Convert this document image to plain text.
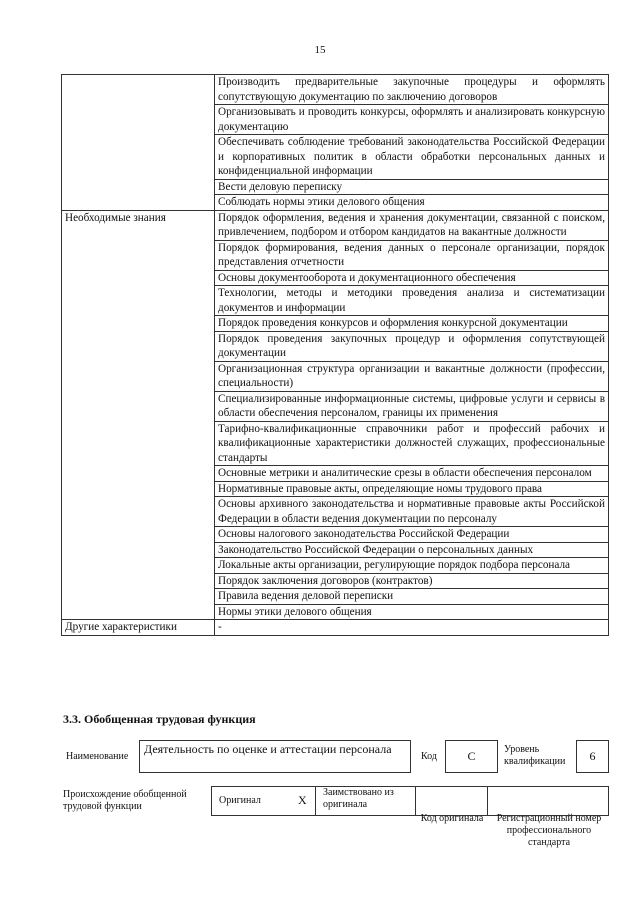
15
	Производить предварительные закупочные процедуры и оформлять сопутствующую документацию по заключению договоров
	Организовывать и проводить конкурсы, оформлять и анализировать конкурсную документацию
	Обеспечивать соблюдение требований законодательства Российской Федерации и корпоративных политик в области обработки персональных данных и конфиденциальной информации
	Вести деловую переписку
	Соблюдать нормы этики делового общения
Необходимые знания	Порядок оформления, ведения и хранения документации, связанной с поиском, привлечением, подбором и отбором кандидатов на вакантные должности
	Порядок формирования, ведения данных о персонале организации, порядок представления отчетности
	Основы документооборота и документационного обеспечения
	Технологии, методы и методики проведения анализа и систематизации документов и информации
	Порядок проведения конкурсов и оформления конкурсной документации
	Порядок проведения закупочных процедур и оформления сопутствующей документации
	Организационная структура организации и вакантные должности (профессии, специальности)
	Специализированные информационные системы, цифровые услуги и сервисы в области обеспечения персоналом, границы их применения
	Тарифно-квалификационные справочники работ и профессий рабочих и квалификационные характеристики должностей служащих, профессиональные стандарты
	Основные метрики и аналитические срезы в области обеспечения персоналом
	Нормативные правовые акты, определяющие номы трудового права
	Основы архивного законодательства и нормативные правовые акты Российской Федерации в области ведения документации по персоналу
	Основы налогового законодательства Российской Федерации
	Законодательство Российской Федерации о персональных данных
	Локальные акты организации, регулирующие порядок подбора персонала
	Порядок заключения договоров (контрактов)
	Правила ведения деловой переписки
	Нормы этики делового общения
Другие характеристики	-
3.3. Обобщенная трудовая функция
Наименование
Деятельность по оценке и аттестации персонала
Код	C	Уровень квалификации	6
Происхождение обобщенной трудовой функции
Оригинал	X
Заимствовано из оригинала
Код оригинала	Регистрационный номер профессионального стандарта
